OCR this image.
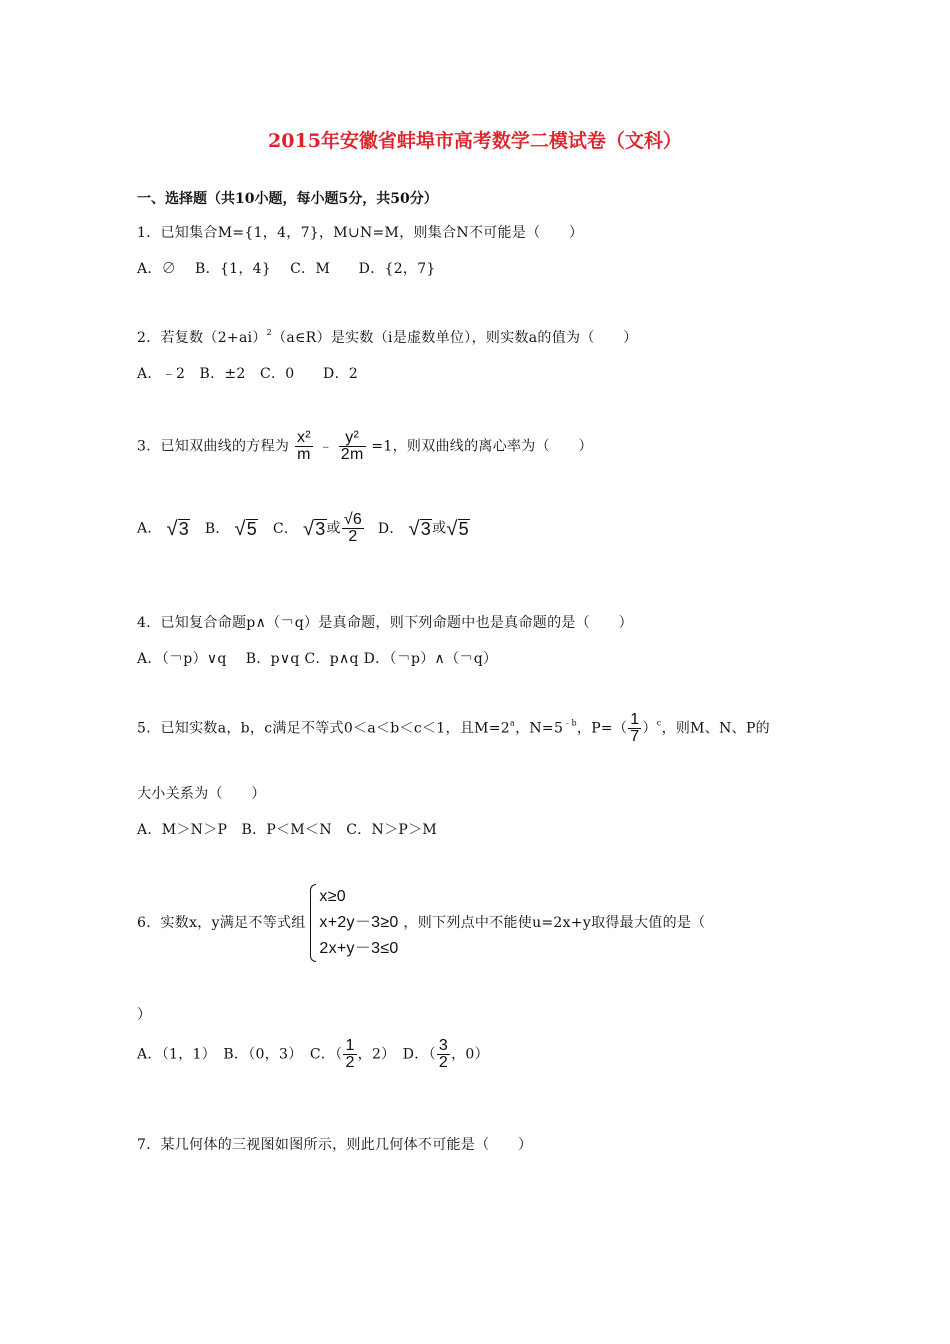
2015年安徽省蚌埠市高考数学二模试卷（文科）
一、选择题（共10小题，每小题5分，共50分）
1．已知集合M={1，4，7}，M∪N=M，则集合N不可能是（　　）
A．∅　 B．{1，4}　 C．M　　D．{2，7}
2．若复数$(2+ai)^2(a\in R)$是实数（i是虚数单位），则实数a的值为（　　）
A．﹣2　B．±2　C．0　　D．2
3．已知双曲线的方程为 $\frac{\text{x²}}{m}$ ﹣ $\frac{\text{y²}}{2m} =1$，则双曲线的离心率为（　　）
A． √ 3 B． √ 5 C． √ 3 或 $\frac{√6}{2}$ D． √ 3 或 √ 5
4．已知复合命题p∧（￢q）是真命题，则下列命题中也是真命题的是（　　）
A．（￢p）∨q　 B．p∨q C．p∧q D．（￢p）∧（￢q）
5．已知实数a，b，c满足不等式0＜a＜b＜c＜1，且$M=2^a$，$N=5^{﹣b}$，$P=( \frac{1}{7} )^c$，则M、N、P的
大小关系为（　　）
A．M＞N＞P　B．P＜M＜N　C．N＞P＞M
6．实数x，y满足不等式组
x≥0
x+2y－3≥0
2x+y－3≤0
，则下列点中不能使u=2x+y取得最大值的是（
）
A．（1，1）　B．（0，3）　C．（ $\frac{1}{2}$ ，2）　D．（ $\frac{3}{2}$ ，0）
7．某几何体的三视图如图所示，则此几何体不可能是（　　）
